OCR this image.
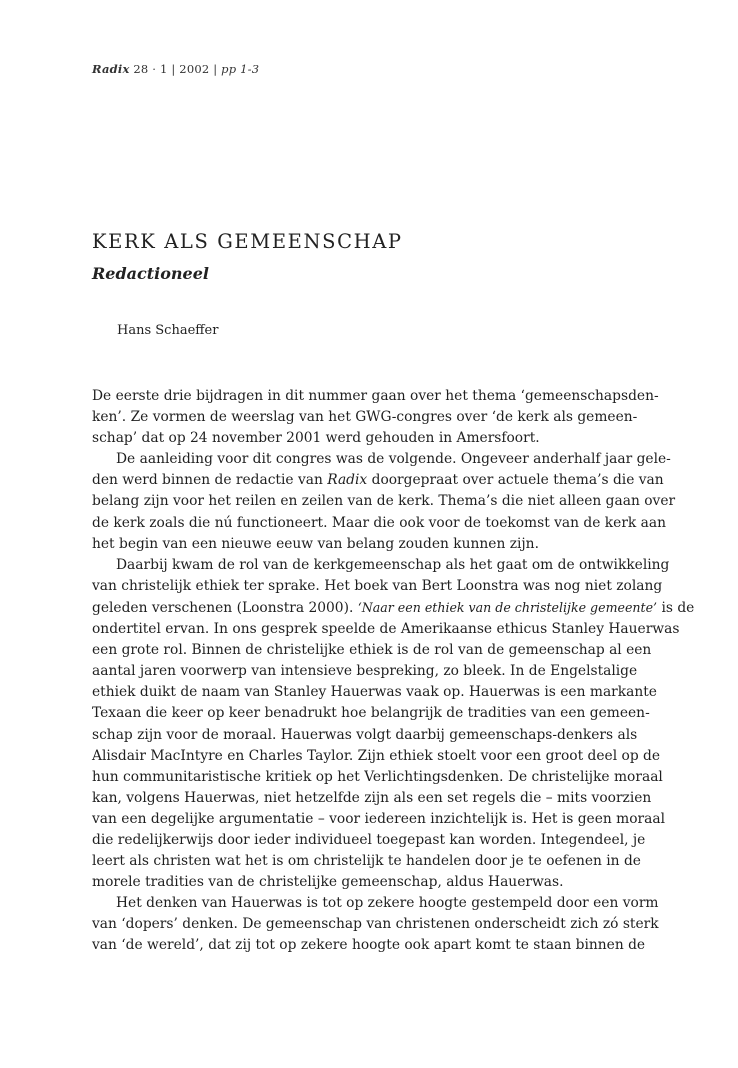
Radix 28 · 1 | 2002 | pp 1-3
KERK ALS GEMEENSCHAP
Redactioneel
Hans Schaeffer

De eerste drie bijdragen in dit nummer gaan over het thema ‘gemeenschapsden-

ken’. Ze vormen de weerslag van het GWG-congres over ‘de kerk als gemeen-

schap’ dat op 24 november 2001 werd gehouden in Amersfoort.

De aanleiding voor dit congres was de volgende. Ongeveer anderhalf jaar gele-

den werd binnen de redactie van Radix doorgepraat over actuele thema’s die van

belang zijn voor het reilen en zeilen van de kerk. Thema’s die niet alleen gaan over

de kerk zoals die nú functioneert. Maar die ook voor de toekomst van de kerk aan

het begin van een nieuwe eeuw van belang zouden kunnen zijn.

Daarbij kwam de rol van de kerkgemeenschap als het gaat om de ontwikkeling

van christelijk ethiek ter sprake. Het boek van Bert Loonstra was nog niet zolang

geleden verschenen (Loonstra 2000). ‘Naar een ethiek van de christelijke gemeente’ is de

ondertitel ervan. In ons gesprek speelde de Amerikaanse ethicus Stanley Hauerwas

een grote rol. Binnen de christelijke ethiek is de rol van de gemeenschap al een

aantal jaren voorwerp van intensieve bespreking, zo bleek. In de Engelstalige

ethiek duikt de naam van Stanley Hauerwas vaak op. Hauerwas is een markante

Texaan die keer op keer benadrukt hoe belangrijk de tradities van een gemeen-

schap zijn voor de moraal. Hauerwas volgt daarbij gemeenschaps-denkers als

Alisdair MacIntyre en Charles Taylor. Zijn ethiek stoelt voor een groot deel op de

hun communitaristische kritiek op het Verlichtingsdenken. De christelijke moraal

kan, volgens Hauerwas, niet hetzelfde zijn als een set regels die – mits voorzien

van een degelijke argumentatie – voor iedereen inzichtelijk is. Het is geen moraal

die redelijkerwijs door ieder individueel toegepast kan worden. Integendeel, je

leert als christen wat het is om christelijk te handelen door je te oefenen in de

morele tradities van de christelijke gemeenschap, aldus Hauerwas.

Het denken van Hauerwas is tot op zekere hoogte gestempeld door een vorm

van ‘dopers’ denken. De gemeenschap van christenen onderscheidt zich zó sterk

van ‘de wereld’, dat zij tot op zekere hoogte ook apart komt te staan binnen de
